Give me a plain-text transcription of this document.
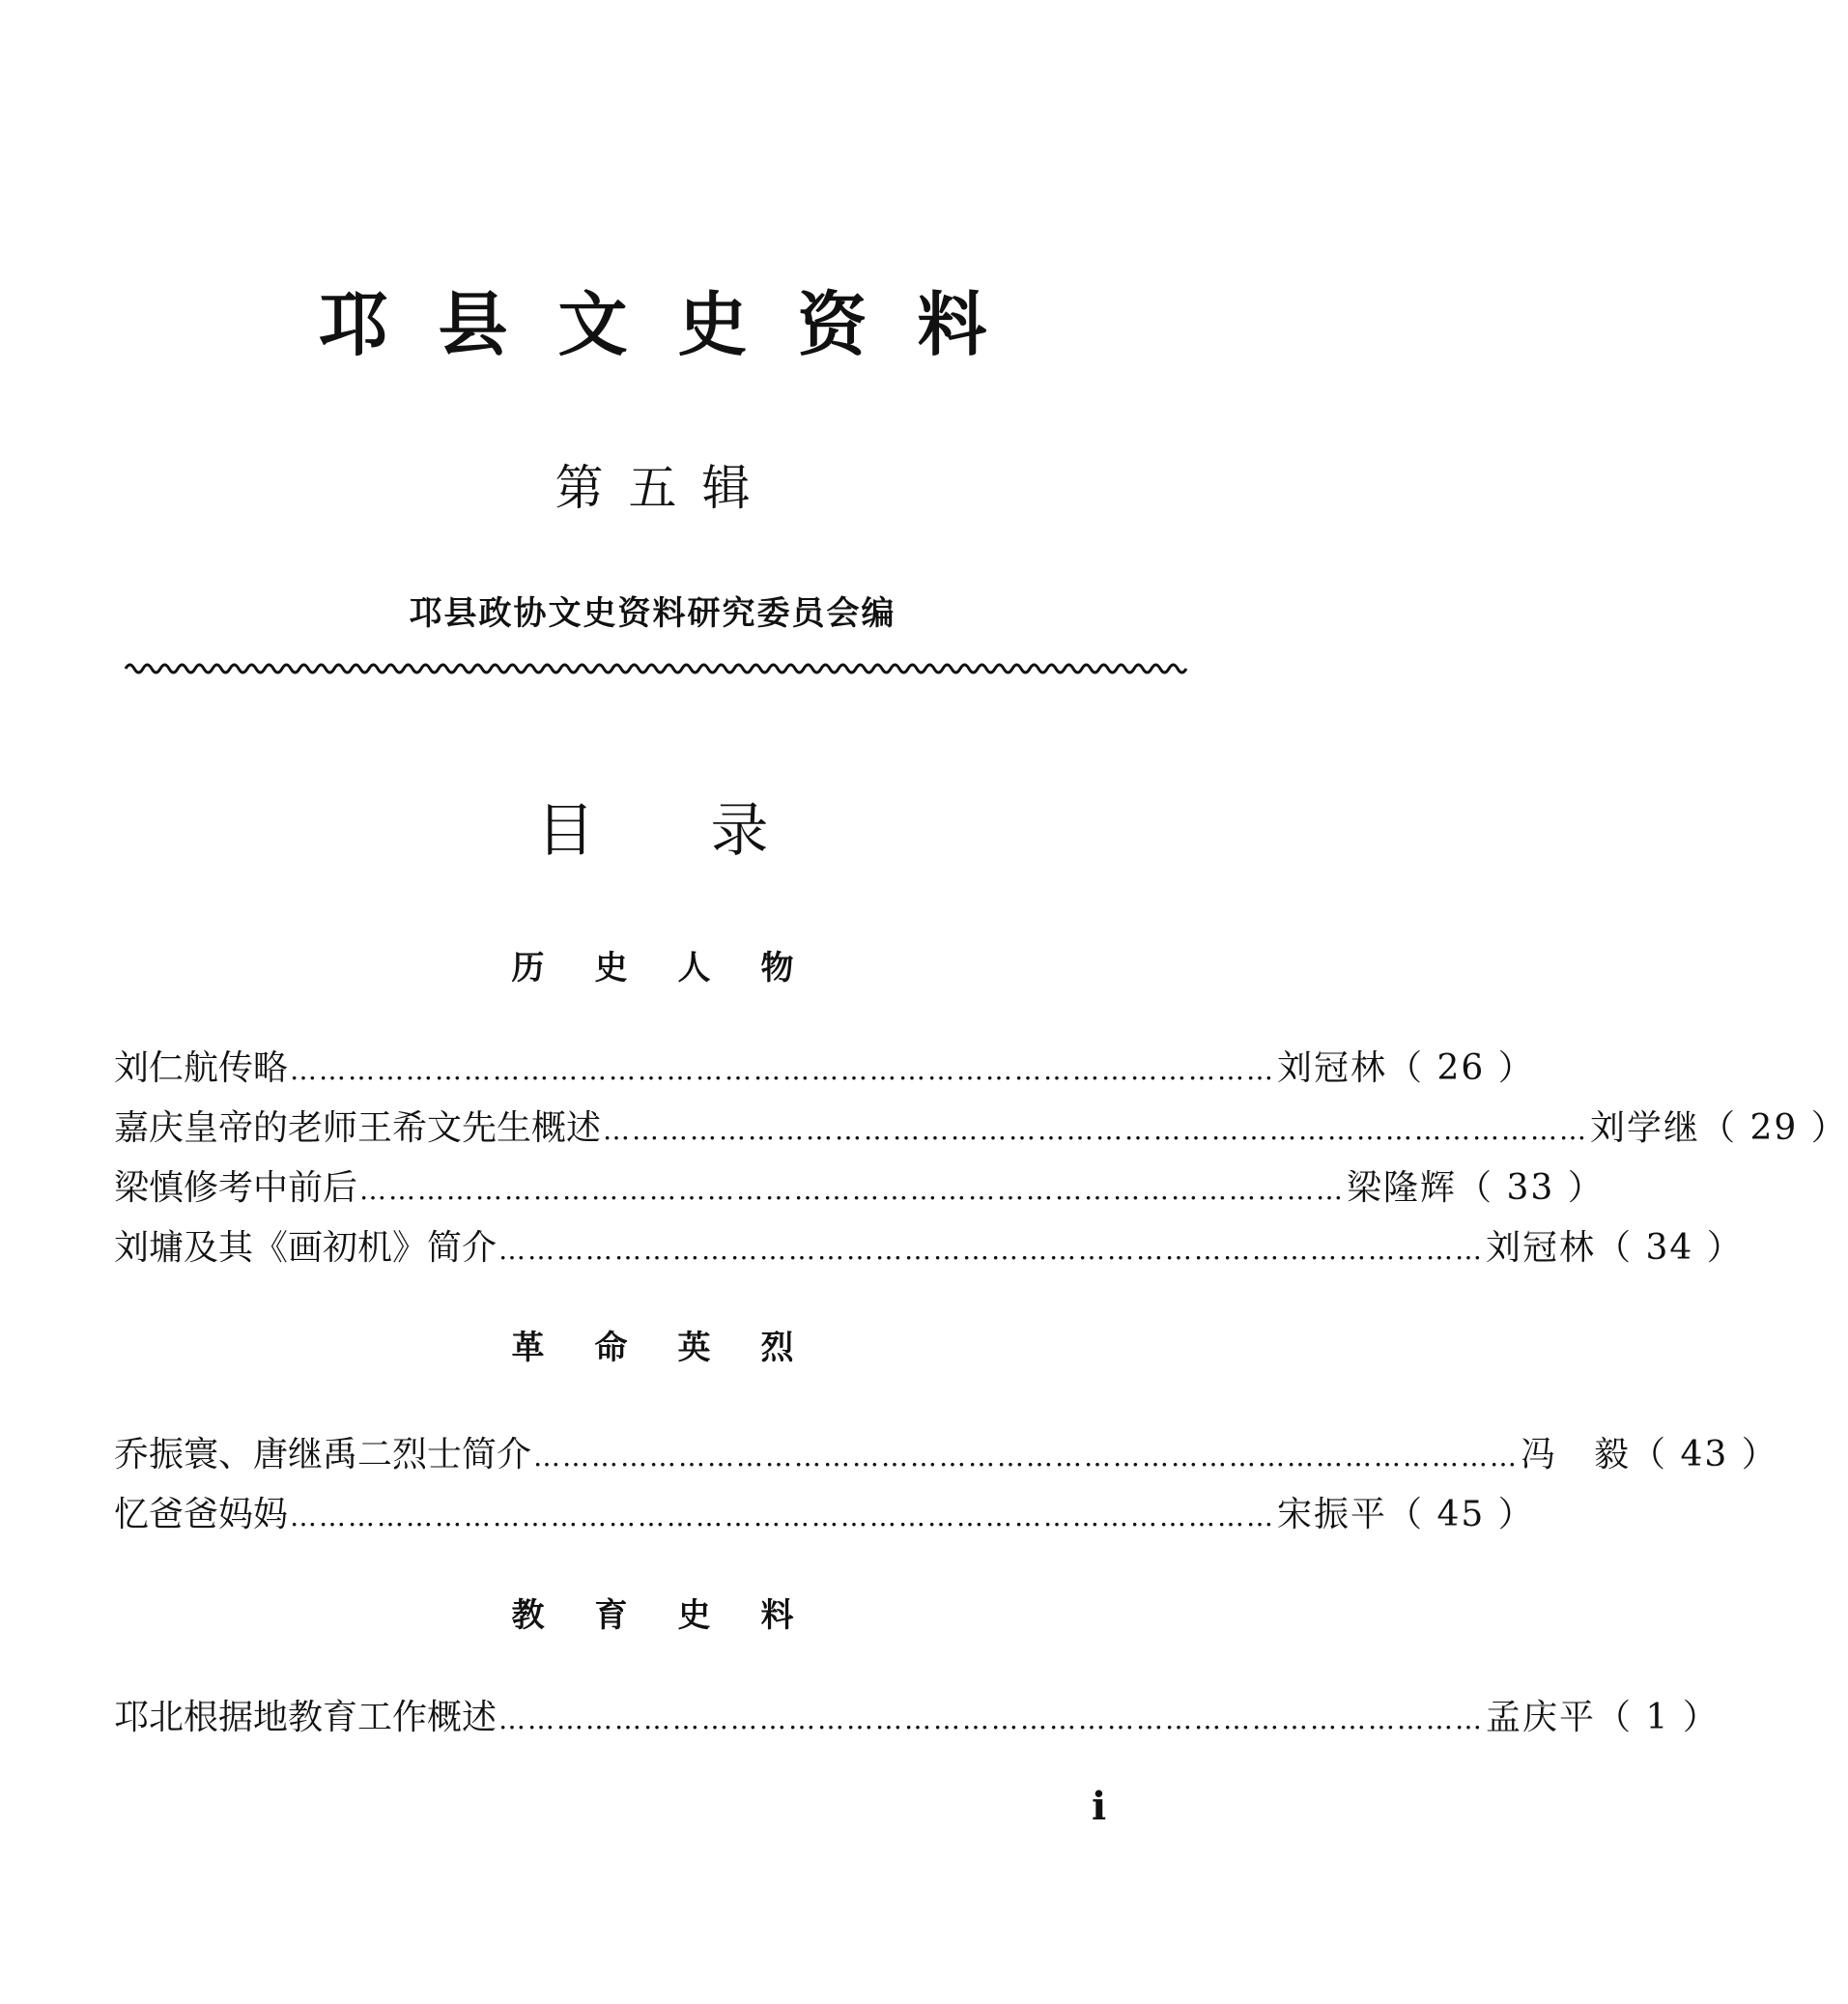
邛县文史资料
第五辑
邛县政协文史资料研究委员会编
目录
历史人物
刘仁航传略 ………………………………………………………………………………………… 刘冠林 （ 26 ）
嘉庆皇帝的老师王希文先生概述 ………………………………………………………………………………………… 刘学继 （ 29 ）
梁慎修考中前后 ………………………………………………………………………………………… 梁隆辉 （ 33 ）
刘墉及其《画初机》简介 ………………………………………………………………………………………… 刘冠林 （ 34 ）
革命英烈
乔振寰、唐继禹二烈士简介 ………………………………………………………………………………………… 冯　毅 （ 43 ）
忆爸爸妈妈 ………………………………………………………………………………………… 宋振平 （ 45 ）
教育史料
邛北根据地教育工作概述 ………………………………………………………………………………………… 孟庆平 （ 1 ）
i
